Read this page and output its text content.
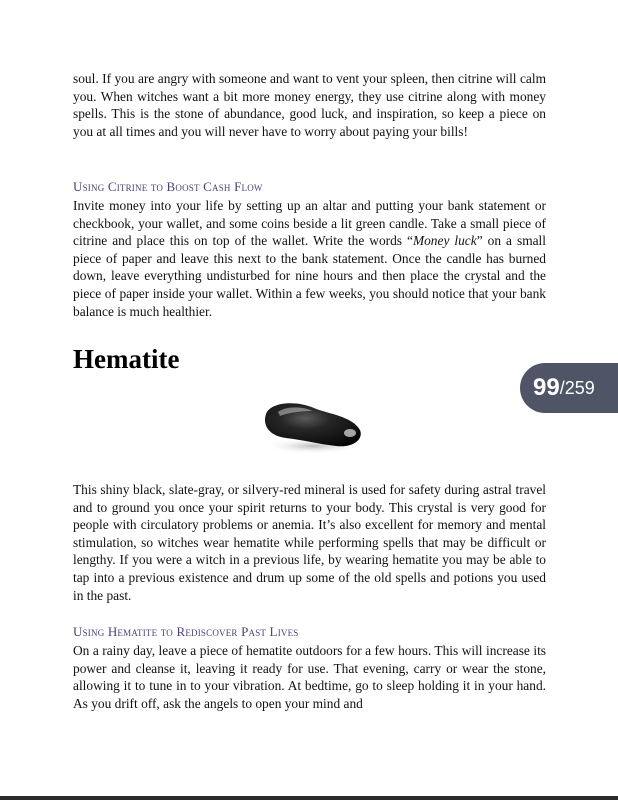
soul. If you are angry with someone and want to vent your spleen, then citrine will calm you. When witches want a bit more money energy, they use citrine along with money spells. This is the stone of abundance, good luck, and inspiration, so keep a piece on you at all times and you will never have to worry about paying your bills!

Using Citrine to Boost Cash Flow

Invite money into your life by setting up an altar and putting your bank statement or checkbook, your wallet, and some coins beside a lit green candle. Take a small piece of citrine and place this on top of the wallet. Write the words “Money luck” on a small piece of paper and leave this next to the bank statement. Once the candle has burned down, leave everything undisturbed for nine hours and then place the crystal and the piece of paper inside your wallet. Within a few weeks, you should notice that your bank balance is much healthier.

Hematite
99 / 259

This shiny black, slate-gray, or silvery-red mineral is used for safety during astral travel and to ground you once your spirit returns to your body. This crystal is very good for people with circulatory problems or anemia. It’s also excellent for memory and mental stimulation, so witches wear hematite while performing spells that may be difficult or lengthy. If you were a witch in a previous life, by wearing hematite you may be able to tap into a previous existence and drum up some of the old spells and potions you used in the past.

Using Hematite to Rediscover Past Lives

On a rainy day, leave a piece of hematite outdoors for a few hours. This will increase its power and cleanse it, leaving it ready for use. That evening, carry or wear the stone, allowing it to tune in to your vibration. At bedtime, go to sleep holding it in your hand. As you drift off, ask the angels to open your mind and
